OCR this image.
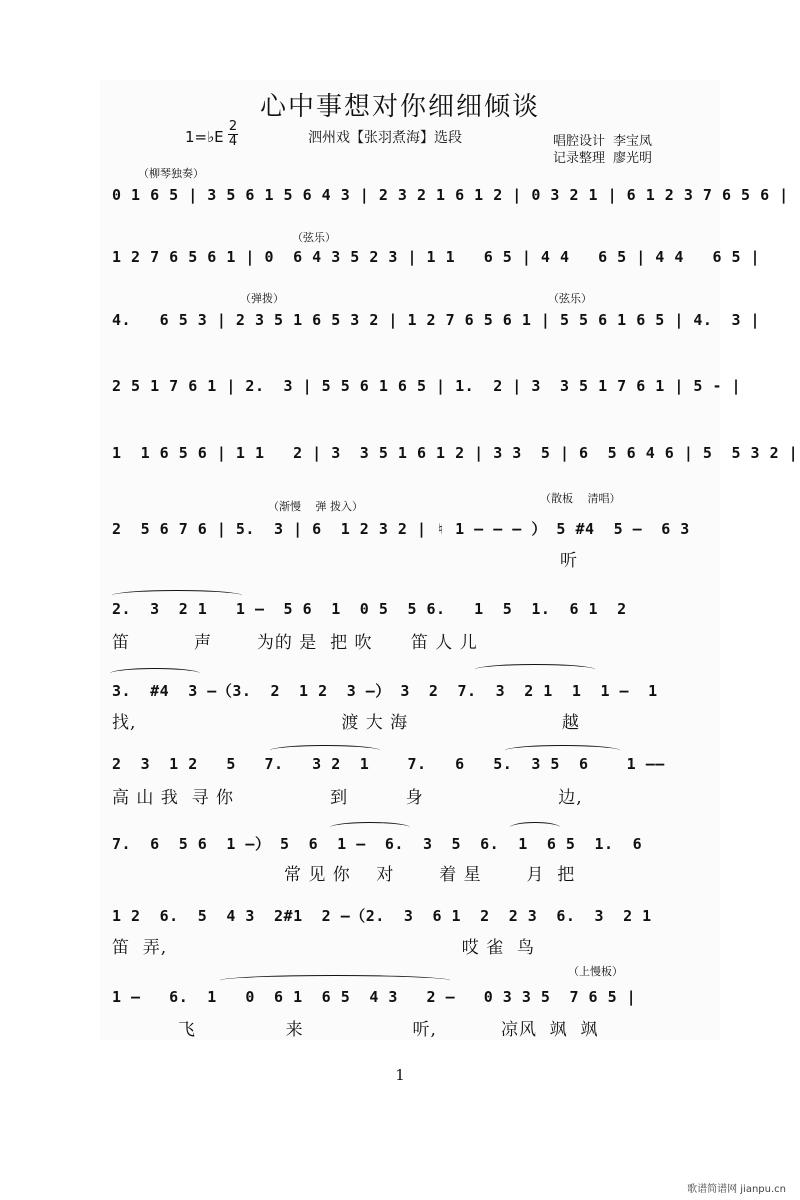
心中事想对你细细倾谈
1=♭E
2
4	泗州戏【张羽煮海】选段	唱腔设计 李宝凤
记录整理 廖光明
（柳琴独奏）
（弦乐）
（弹拨）	（弦乐）
（渐慢　 弹 拨入）
（散板　 清唱）
（上慢板）
0 1 6 5 | 3 5 6 1 5 6 4 3 | 2 3 2 1 6 1 2 | 0 3 2 1 | 6 1 2 3 7 6 5 6 |
1 2 7 6 5 6 1 | 0  6 4 3 5 2 3 | 1 1   6 5 | 4 4   6 5 | 4 4   6 5 |
4.   6 5 3 | 2 3 5 1 6 5 3 2 | 1 2 7 6 5 6 1 | 5 5 6 1 6 5 | 4.  3 |
2 5 1 7 6 1 | 2.  3 | 5 5 6 1 6 5 | 1.  2 | 3  3 5 1 7 6 1 | 5 - |
1  1 6 5 6 | 1 1   2 | 3  3 5 1 6 1 2 | 3 3  5 | 6  5 6 4 6 | 5  5 3 2 |
2  5 6 7 6 | 5.  3 | 6  1 2 3 2 | ♮ 1 — — — ） 5 #4  5 —  6 3
听
2.  3  2 1   1 —  5 6  1  0 5  5 6.   1  5  1.  6 1  2
笛          声       为的 是  把 吹      笛 人 儿
3.  #4  3 —（3.  2  1 2  3 —） 3  2  7.  3  2 1  1  1 —  1
找,                                渡 大 海                        越
2  3  1 2   5   7.   3 2  1    7.   6   5.  3 5  6    1 ——
高 山 我  寻 你               到         身                     边,
7.  6  5 6  1 —） 5  6  1 —  6.  3  5  6.  1  6 5  1.  6
常 见 你    对       着 星       月  把
1 2  6.  5  4 3  2#1  2 —（2.  3  6 1  2  2 3  6.  3  2 1
笛  弄,                                              哎 雀  鸟
1 —   6.  1   0  6 1  6 5  4 3   2 —   0 3 3 5  7 6 5 |
飞              来                 听,          凉风  飒  飒
1
歌谱简谱网 jianpu.cn
